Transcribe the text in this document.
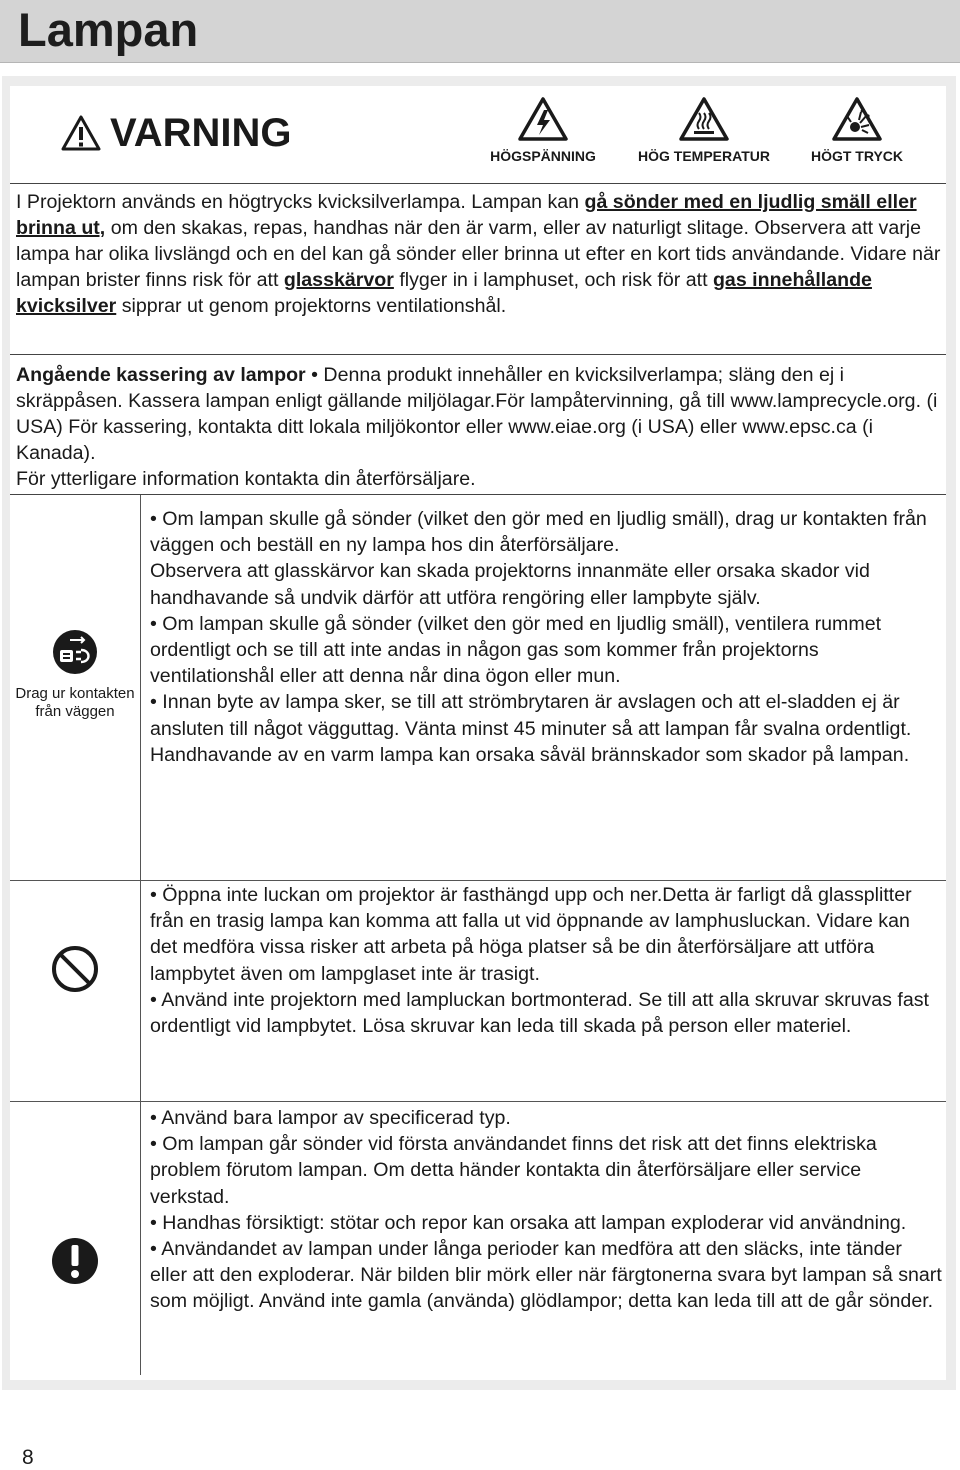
Lampan
VARNING
HÖGSPÄNNING	HÖG TEMPERATUR	HÖGT TRYCK

I Projektorn används en högtrycks kvicksilverlampa. Lampan kan gå sönder med en ljudlig smäll eller brinna ut, om den skakas, repas, handhas när den är varm, eller av naturligt slitage. Observera att varje lampa har olika livslängd och en del kan gå sönder eller brinna ut efter en kort tids användande. Vidare när lampan brister finns risk för att glasskärvor flyger in i lamphuset, och risk för att gas innehållande kvicksilver sipprar ut genom projektorns ventilationshål.

Angående kassering av lampor • Denna produkt innehåller en kvicksilverlampa; släng den ej i skräppåsen. Kassera lampan enligt gällande miljölagar.För lampåtervinning, gå till www.lamprecycle.org. (i USA) För kassering, kontakta ditt lokala miljökontor eller www.eiae.org (i USA) eller www.epsc.ca (i Kanada).

För ytterligare information kontakta din återförsäljare.

Drag ur kontakten från väggen

• Om lampan skulle gå sönder (vilket den gör med en ljudlig smäll), drag ur kontakten från väggen och beställ en ny lampa hos din återförsäljare.

Observera att glasskärvor kan skada projektorns innanmäte eller orsaka skador vid handhavande så undvik därför att utföra rengöring eller lampbyte själv.

• Om lampan skulle gå sönder (vilket den gör med en ljudlig smäll), ventilera rummet ordentligt och se till att inte andas in någon gas som kommer från projektorns ventilationshål eller att denna når dina ögon eller mun.

• Innan byte av lampa sker, se till att strömbrytaren är avslagen och att el-sladden ej är ansluten till något vägguttag. Vänta minst 45 minuter så att lampan får svalna ordentligt.

Handhavande av en varm lampa kan orsaka såväl brännskador som skador på lampan.

• Öppna inte luckan om projektor är fasthängd upp och ner.Detta är farligt då glassplitter från en trasig lampa kan komma att falla ut vid öppnande av lamphusluckan. Vidare kan det medföra vissa risker att arbeta på höga platser så be din återförsäljare att utföra lampbytet även om lampglaset inte är trasigt.

• Använd inte projektorn med lampluckan bortmonterad. Se till att alla skruvar skruvas fast ordentligt vid lampbytet. Lösa skruvar kan leda till skada på person eller materiel.

• Använd bara lampor av specificerad typ.

• Om lampan går sönder vid första användandet finns det risk att det finns elektriska problem förutom lampan. Om detta händer kontakta din återförsäljare eller service verkstad.

• Handhas försiktigt: stötar och repor kan orsaka att lampan exploderar vid användning.

• Användandet av lampan under långa perioder kan medföra att den släcks, inte tänder eller att den exploderar. När bilden blir mörk eller när färgtonerna svara byt lampan så snart som möjligt. Använd inte gamla (använda) glödlampor; detta kan leda till att de går sönder.

8
